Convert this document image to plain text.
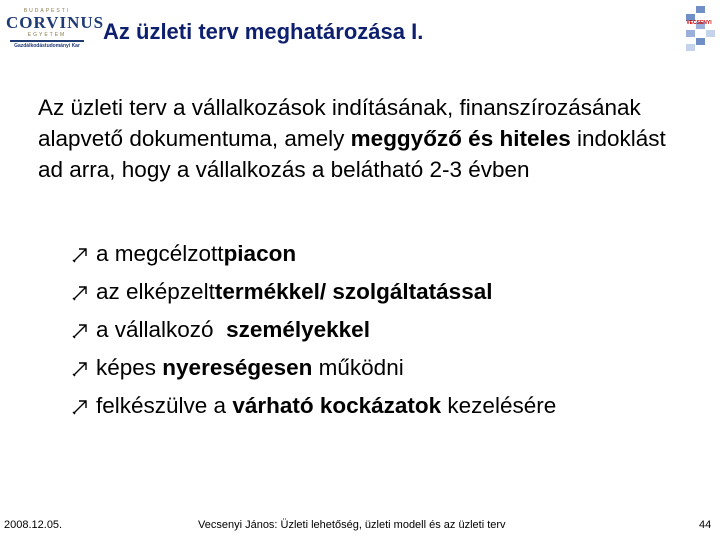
BUDAPESTI
CORVINUS
EGYETEM
Gazdálkodástudományi Kar
Az üzleti terv meghatározása I.	VECSENYI
Az üzleti terv a vállalkozások indításának, finanszírozásának alapvető dokumentuma, amely meggyőző és hiteles indoklást ad arra, hogy a vállalkozás a belátható 2-3 évben
a megcélzott piacon
az elképzelt termékkel/ szolgáltatással
a vállalkozó személyekkel
képes nyereségesen működni
felkészülve a várható kockázatok kezelésére
2008.12.05.	Vecsenyi János: Üzleti lehetőség, üzleti modell és az üzleti terv	44
